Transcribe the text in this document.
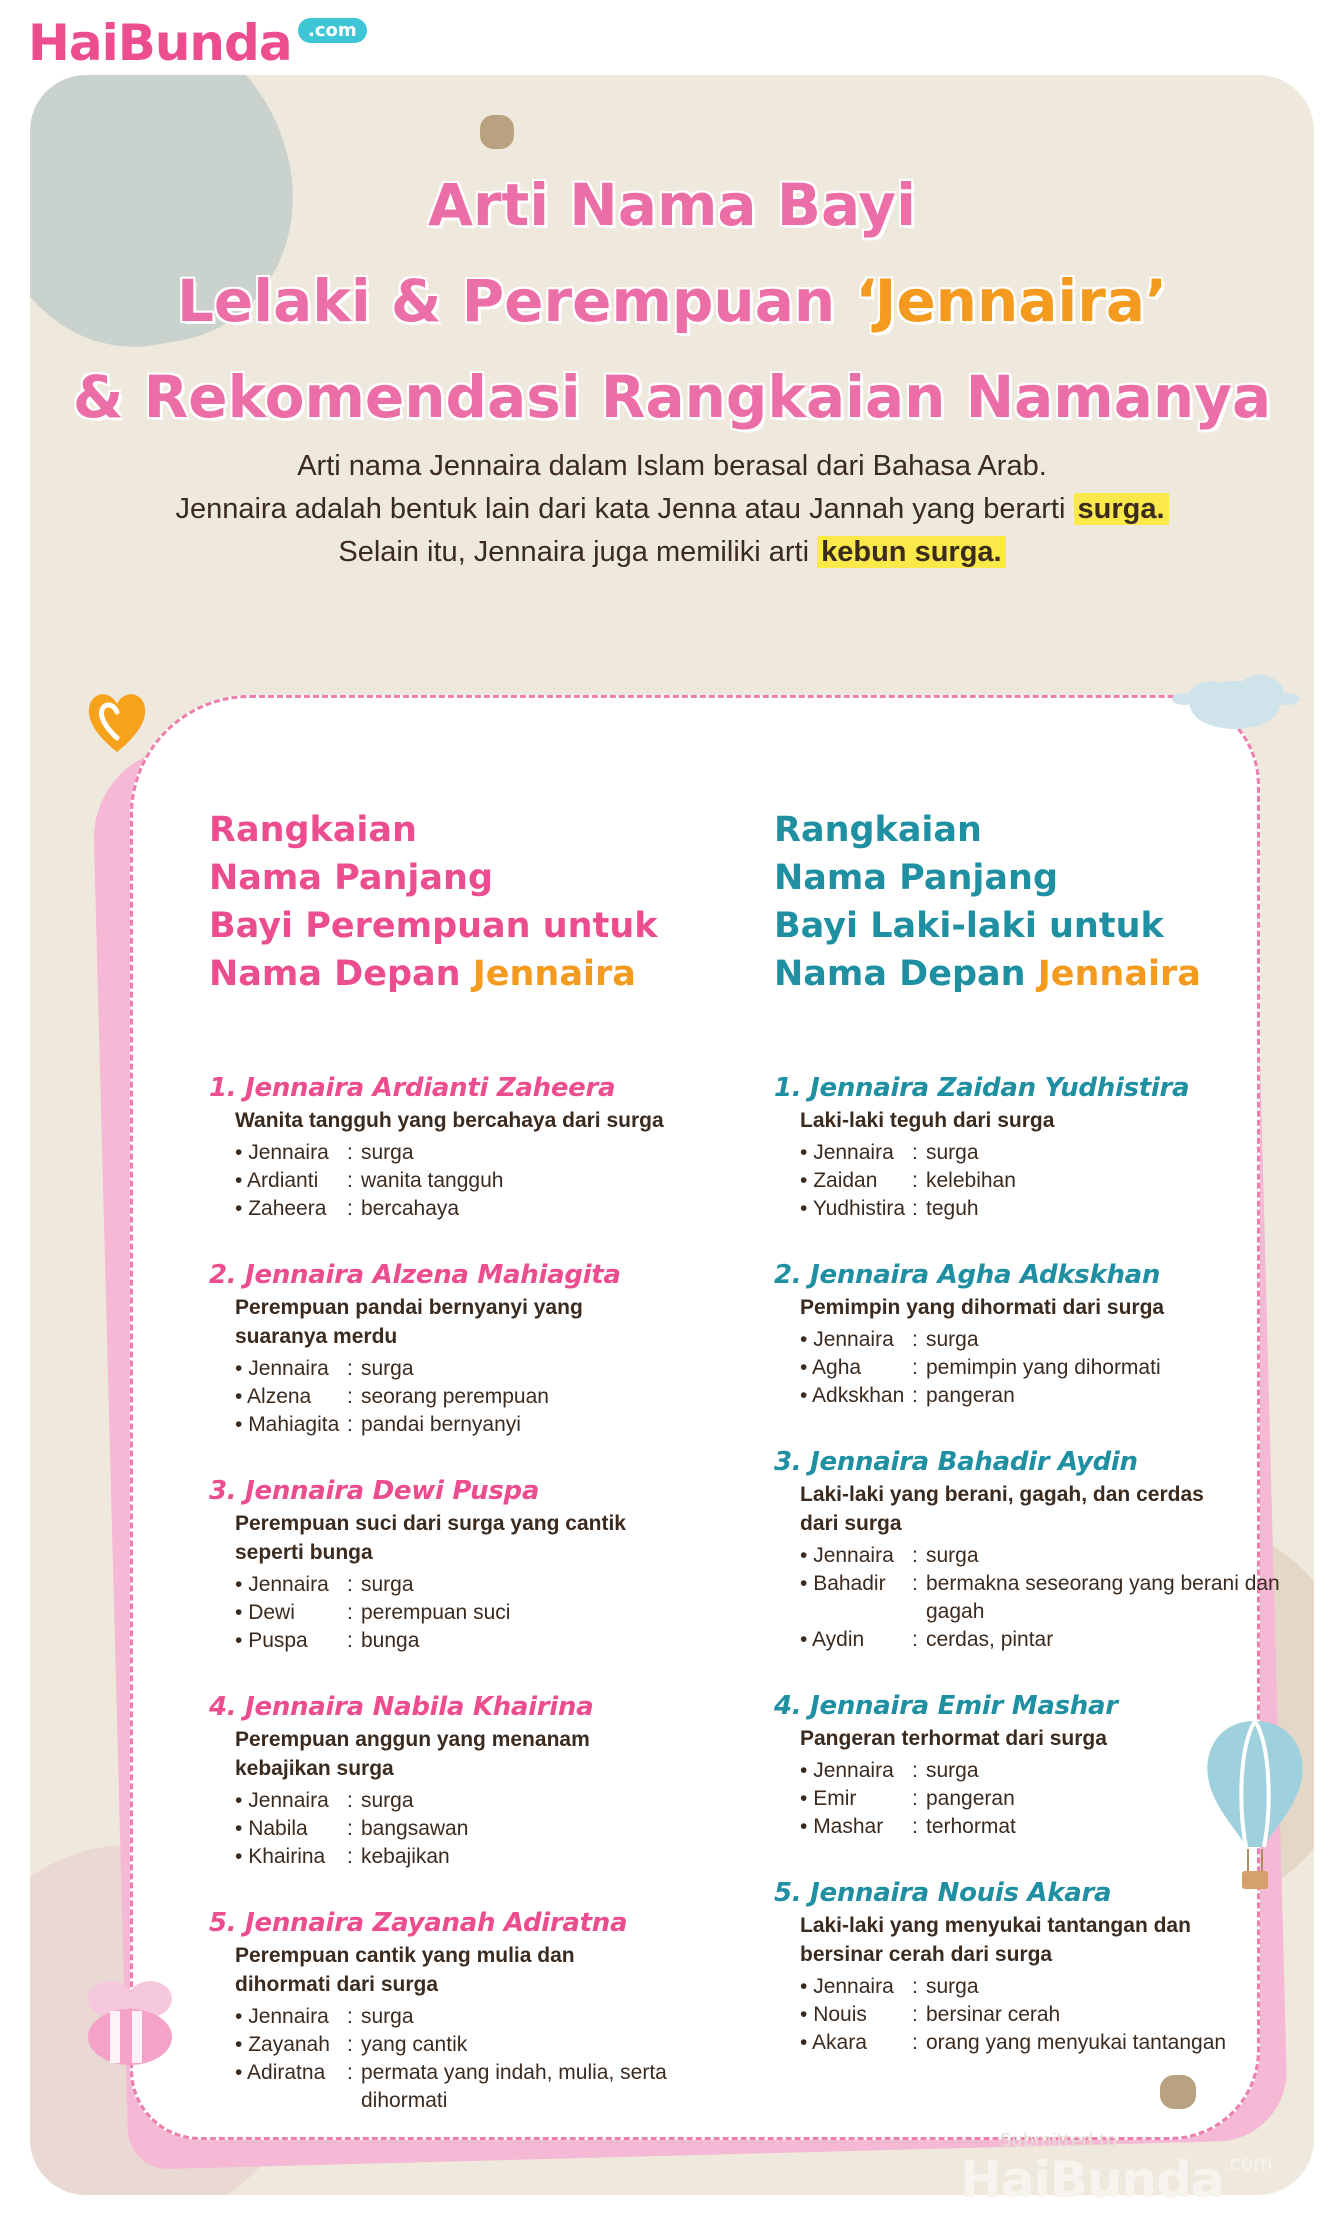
HaiBunda .com
Arti Nama Bayi
Lelaki & Perempuan ‘Jennaira’
& Rekomendasi Rangkaian Namanya
Arti nama Jennaira dalam Islam berasal dari Bahasa Arab.
Jennaira adalah bentuk lain dari kata Jenna atau Jannah yang berarti surga.
Selain itu, Jennaira juga memiliki arti kebun surga.
Rangkaian
Nama Panjang
Bayi Perempuan untuk
Nama Depan Jennaira
1. Jennaira Ardianti Zaheera
Wanita tangguh yang bercahaya dari surga
• Jennaira : surga
• Ardianti	: wanita tangguh
• Zaheera : bercahaya
2. Jennaira Alzena Mahiagita
Perempuan pandai bernyanyi yang suaranya merdu
• Jennaira : surga
• Alzena	: seorang perempuan
• Mahiagita : pandai bernyanyi
3. Jennaira Dewi Puspa
Perempuan suci dari surga yang cantik seperti bunga
• Jennaira : surga
• Dewi	: perempuan suci
• Puspa	: bunga
4. Jennaira Nabila Khairina
Perempuan anggun yang menanam kebajikan surga
• Jennaira : surga
• Nabila	: bangsawan
• Khairina	: kebajikan
5. Jennaira Zayanah Adiratna
Perempuan cantik yang mulia dan dihormati dari surga
• Jennaira : surga
• Zayanah : yang cantik
• Adiratna	: permata yang indah, mulia, serta dihormati
Rangkaian
Nama Panjang
Bayi Laki-laki untuk
Nama Depan Jennaira
1. Jennaira Zaidan Yudhistira
Laki-laki teguh dari surga
• Jennaira : surga
• Zaidan	: kelebihan
• Yudhistira : teguh
2. Jennaira Agha Adkskhan
Pemimpin yang dihormati dari surga
• Jennaira : surga
• Agha	: pemimpin yang dihormati
• Adkskhan : pangeran
3. Jennaira Bahadir Aydin
Laki-laki yang berani, gagah, dan cerdas dari surga
• Jennaira : surga
• Bahadir	: bermakna seseorang yang berani dan gagah
• Aydin	: cerdas, pintar
4. Jennaira Emir Mashar
Pangeran terhormat dari surga
• Jennaira : surga
• Emir	: pangeran
• Mashar	: terhormat
5. Jennaira Nouis Akara
Laki-laki yang menyukai tantangan dan bersinar cerah dari surga
• Jennaira : surga
• Nouis	: bersinar cerah
• Akara	: orang yang menyukai tantangan
Submitted to
HaiBunda.com
